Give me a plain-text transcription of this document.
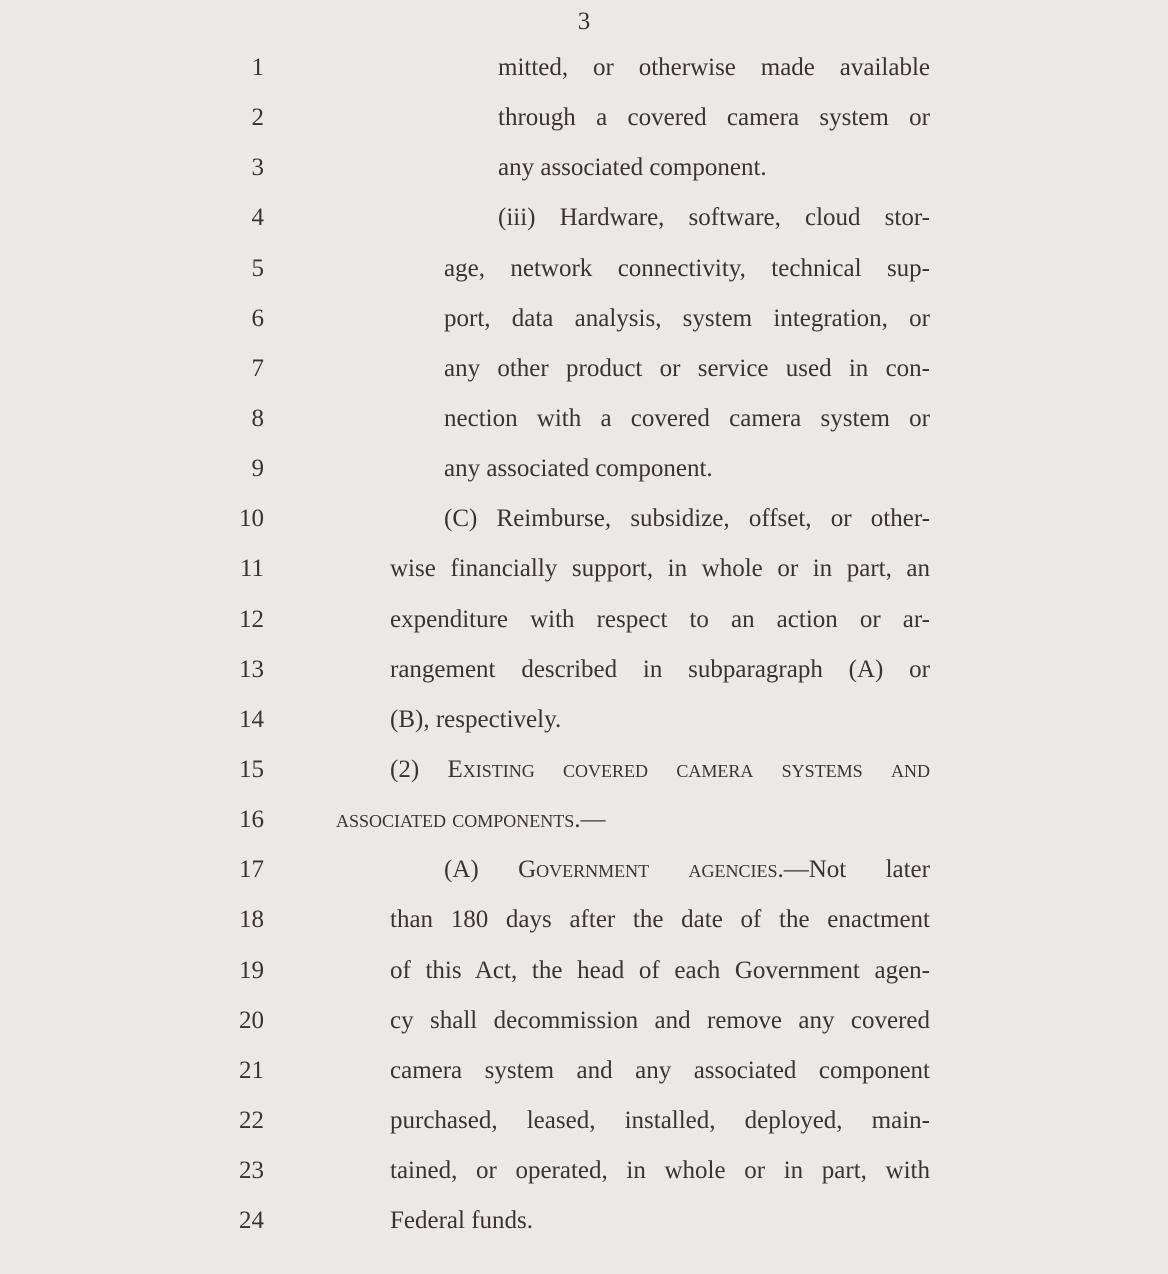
3
1	mitted, or otherwise made available
2	through a covered camera system or
3	any associated component.
4	(iii) Hardware, software, cloud stor-
5	age, network connectivity, technical sup-
6	port, data analysis, system integration, or
7	any other product or service used in con-
8	nection with a covered camera system or
9	any associated component.
10	(C) Reimburse, subsidize, offset, or other-
11	wise financially support, in whole or in part, an
12	expenditure with respect to an action or ar-
13	rangement described in subparagraph (A) or
14	(B), respectively.
15	(2) Existing covered camera systems and
16	associated components.—
17	(A) Government agencies.—Not later
18	than 180 days after the date of the enactment
19	of this Act, the head of each Government agen-
20	cy shall decommission and remove any covered
21	camera system and any associated component
22	purchased, leased, installed, deployed, main-
23	tained, or operated, in whole or in part, with
24	Federal funds.
